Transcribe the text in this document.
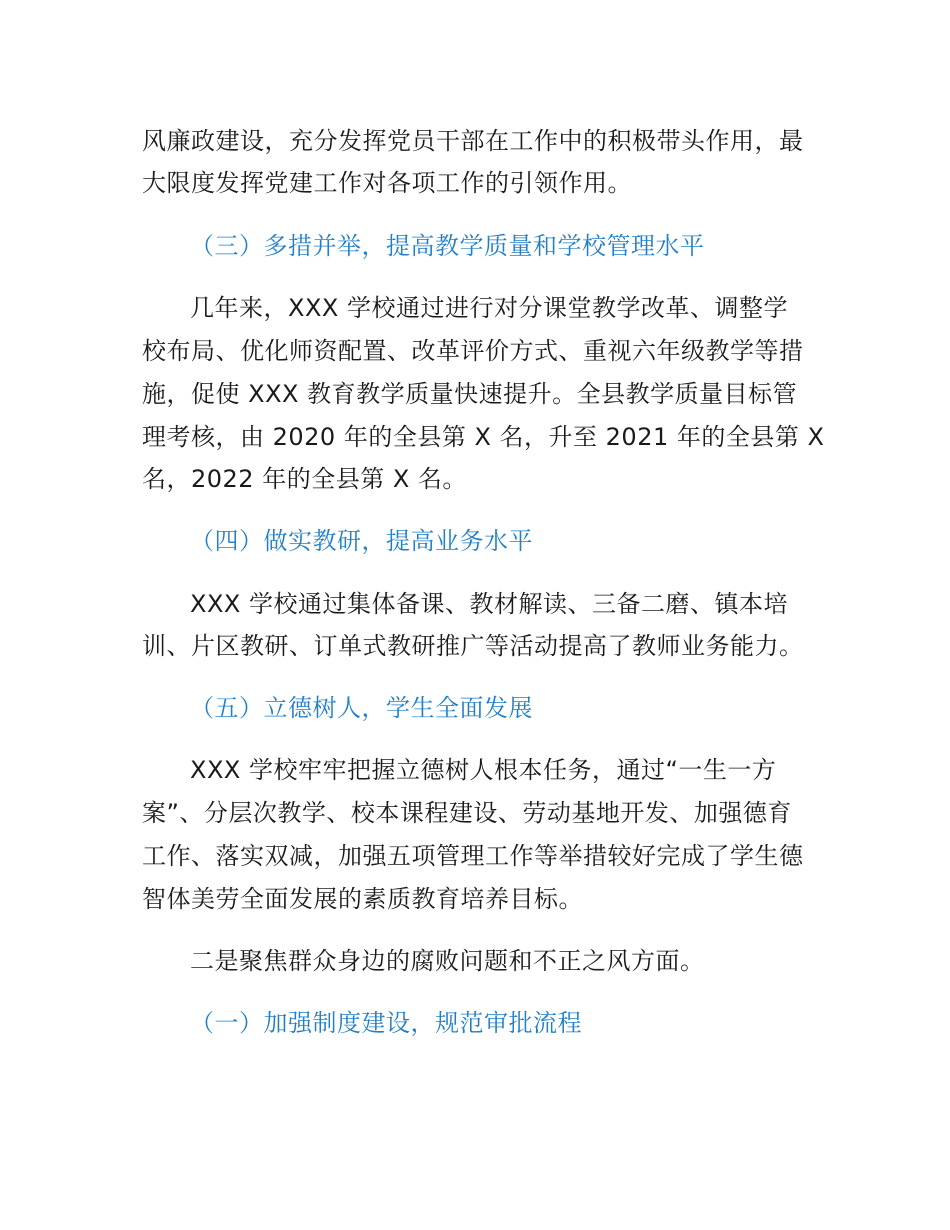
风廉政建设，充分发挥党员干部在工作中的积极带头作用，最
大限度发挥党建工作对各项工作的引领作用。
（三）多措并举，提高教学质量和学校管理水平
几年来，XXX 学校通过进行对分课堂教学改革、调整学
校布局、优化师资配置、改革评价方式、重视六年级教学等措
施，促使 XXX 教育教学质量快速提升。全县教学质量目标管
理考核，由 2020 年的全县第 X 名，升至 2021 年的全县第 X
名，2022 年的全县第 X 名。
（四）做实教研，提高业务水平
XXX 学校通过集体备课、教材解读、三备二磨、镇本培
训、片区教研、订单式教研推广等活动提高了教师业务能力。
（五）立德树人，学生全面发展
XXX 学校牢牢把握立德树人根本任务，通过“一生一方
案”、分层次教学、校本课程建设、劳动基地开发、加强德育
工作、落实双减，加强五项管理工作等举措较好完成了学生德
智体美劳全面发展的素质教育培养目标。
二是聚焦群众身边的腐败问题和不正之风方面。
（一）加强制度建设，规范审批流程
